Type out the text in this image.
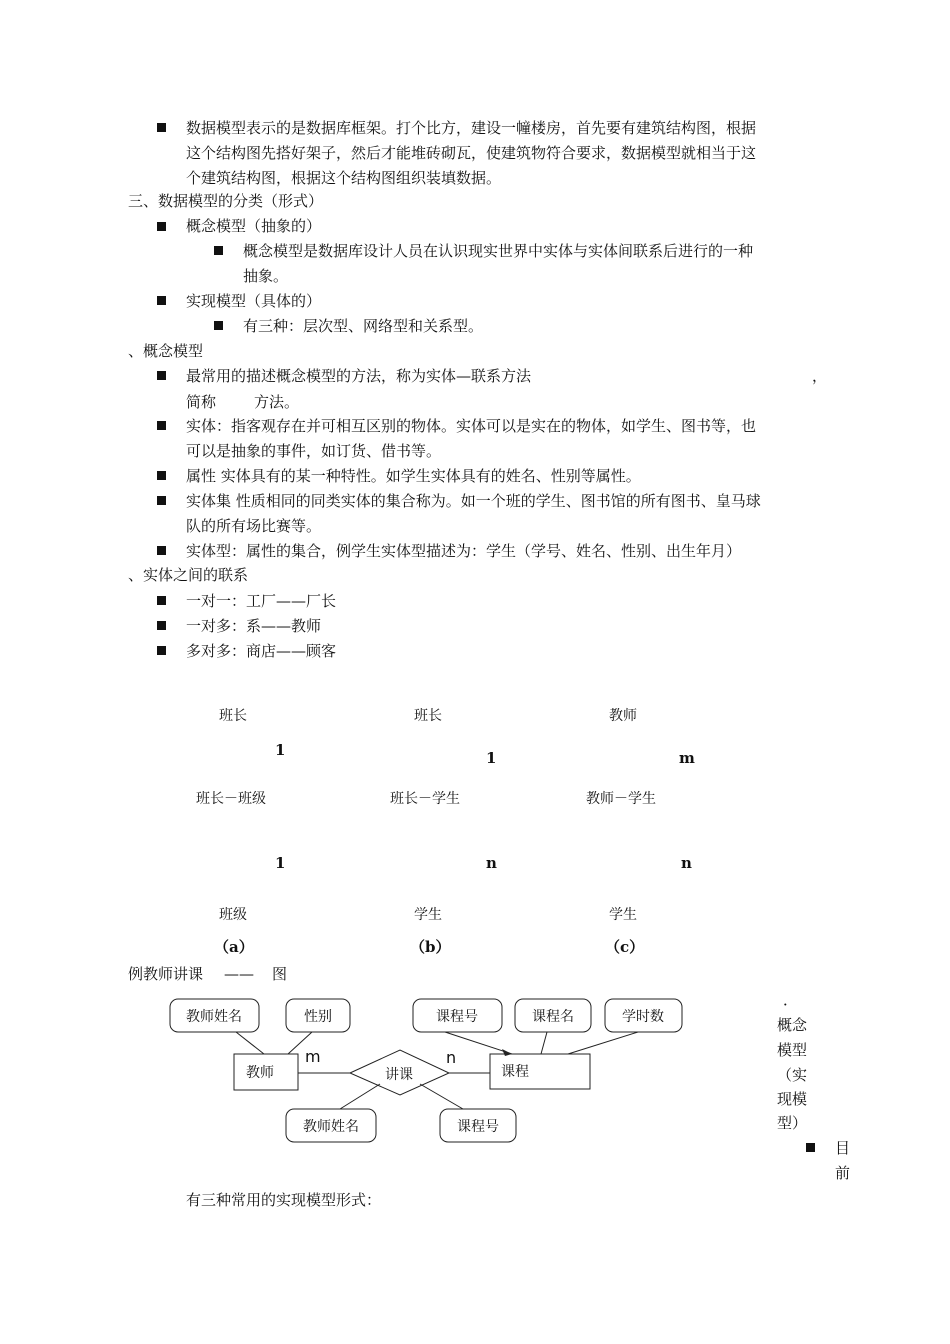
数据模型表示的是数据库框架。打个比方，建设一幢楼房，首先要有建筑结构图，根据
这个结构图先搭好架子，然后才能堆砖砌瓦，使建筑物符合要求，数据模型就相当于这
个建筑结构图，根据这个结构图组织装填数据。
三、数据模型的分类（形式）
概念模型（抽象的）
概念模型是数据库设计人员在认识现实世界中实体与实体间联系后进行的一种
抽象。
实现模型（具体的）
有三种：层次型、网络型和关系型。
、概念模型
最常用的描述概念模型的方法，称为实体—联系方法	，
简称	方法。
实体：指客观存在并可相互区别的物体。实体可以是实在的物体，如学生、图书等，也
可以是抽象的事件，如订货、借书等。
属性 实体具有的某一种特性。如学生实体具有的姓名、性别等属性。
实体集 性质相同的同类实体的集合称为。如一个班的学生、图书馆的所有图书、皇马球
队的所有场比赛等。
实体型：属性的集合，例学生实体型描述为：学生（学号、姓名、性别、出生年月）
、实体之间的联系
一对一：工厂——厂长
一对多：系——教师
多对多：商店——顾客
班长	班长	教师
1	1	m
班长－班级	班长－学生	教师－学生
1	n	n
班级	学生	学生
（a）	（b）	（c）
例教师讲课 —— 图
教师姓名	性别	课程号	课程名	学时数
教师姓名	课程号
教师	课程
讲课
m	n
．
概念
模型
（实
现模
型）
目
前
有三种常用的实现模型形式：
